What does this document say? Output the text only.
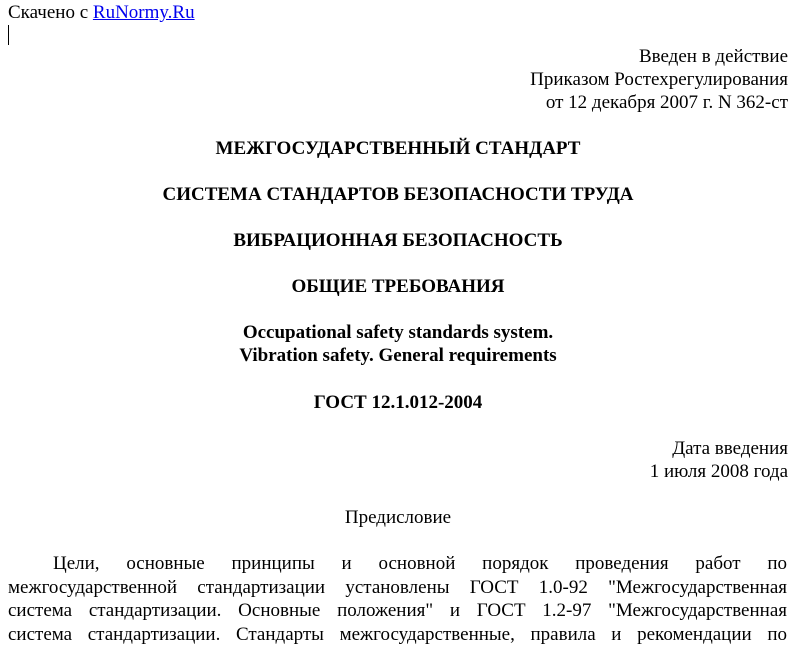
Скачено с RuNormy.Ru
Введен в действие
Приказом Ростехрегулирования
от 12 декабря 2007 г. N 362-ст
МЕЖГОСУДАРСТВЕННЫЙ СТАНДАРТ
СИСТЕМА СТАНДАРТОВ БЕЗОПАСНОСТИ ТРУДА
ВИБРАЦИОННАЯ БЕЗОПАСНОСТЬ
ОБЩИЕ ТРЕБОВАНИЯ
Occupational safety standards system.
Vibration safety. General requirements
ГОСТ 12.1.012-2004
Дата введения
1 июля 2008 года
Предисловие
Цели, основные принципы и основной порядок проведения работ по
межгосударственной стандартизации установлены ГОСТ 1.0-92 "Межгосударственная
система стандартизации. Основные положения" и ГОСТ 1.2-97 "Межгосударственная
система стандартизации. Стандарты межгосударственные, правила и рекомендации по
